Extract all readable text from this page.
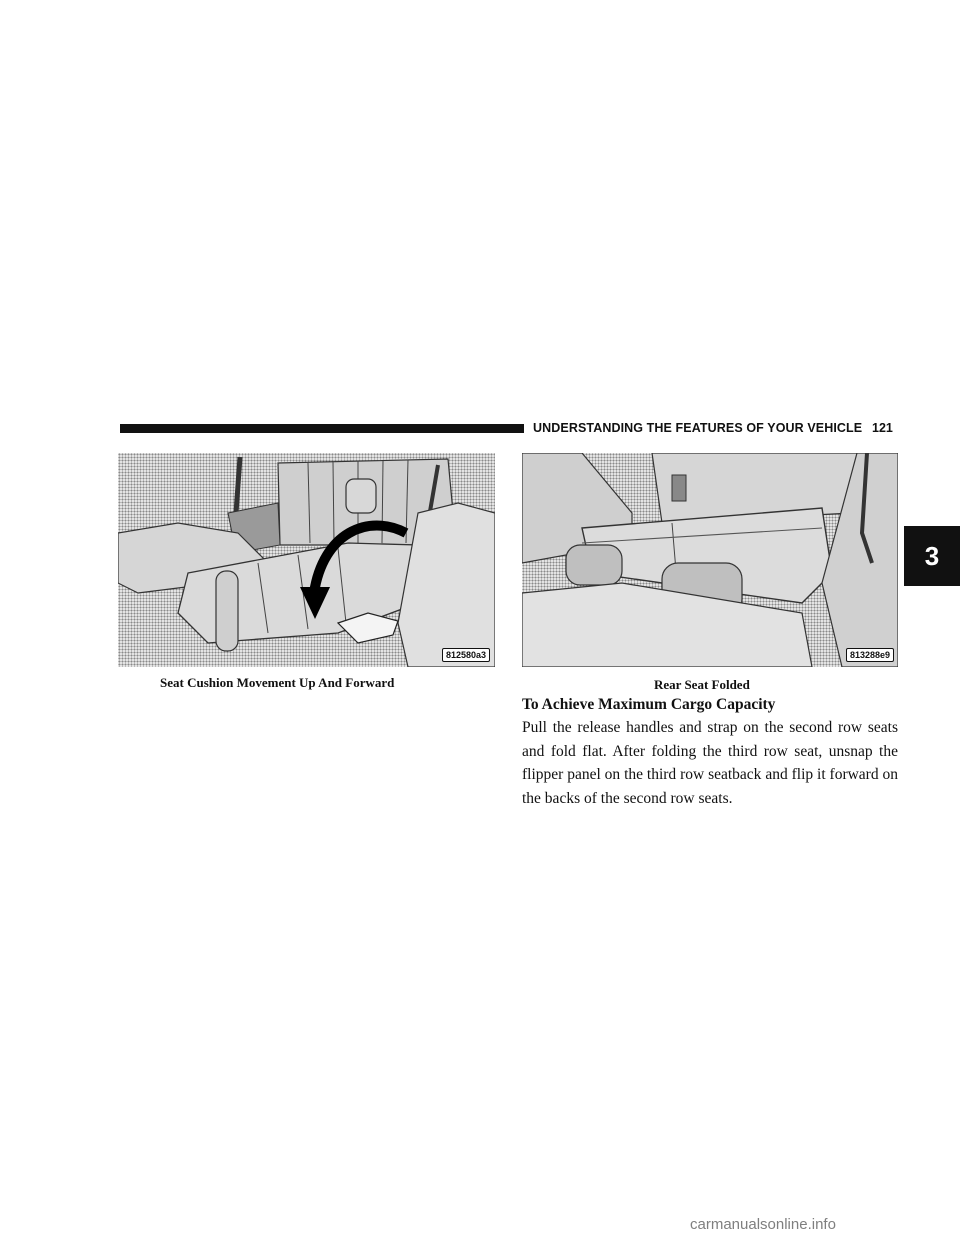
UNDERSTANDING THE FEATURES OF YOUR VEHICLE 121
3
812580a3
Seat Cushion Movement Up And Forward
813288e9
Rear Seat Folded
To Achieve Maximum Cargo Capacity

Pull the release handles and strap on the second row seats and fold flat. After folding the third row seat, unsnap the flipper panel on the third row seatback and flip it forward on the backs of the second row seats.

carmanualsonline.info
